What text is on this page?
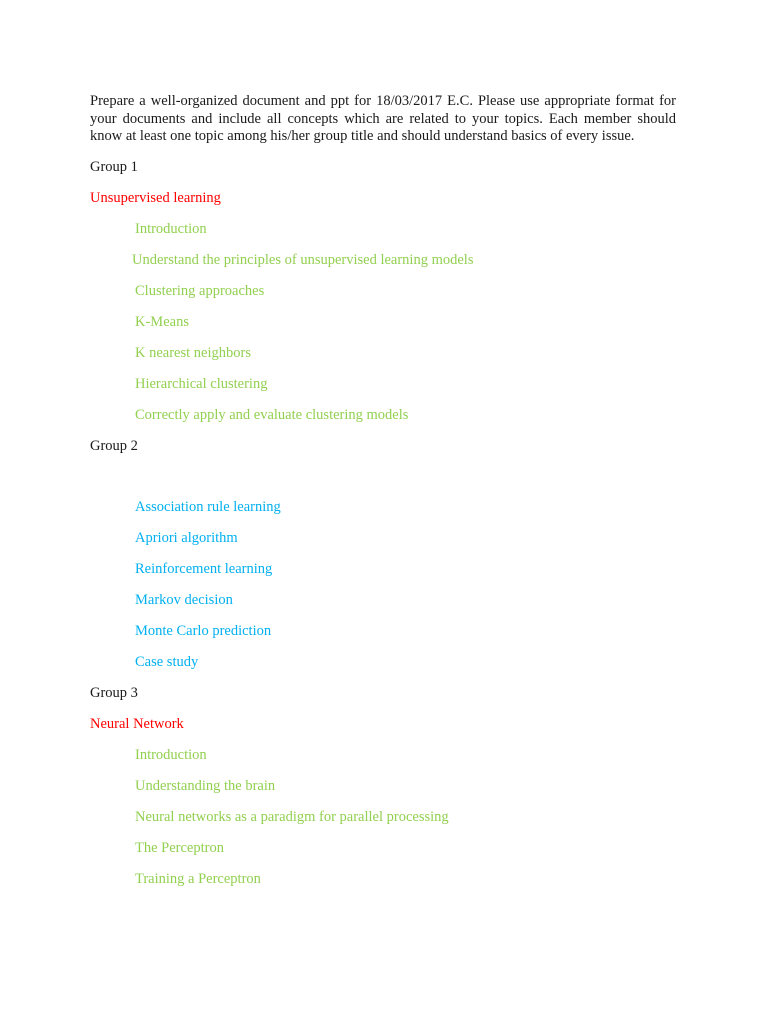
Prepare a well-organized document and ppt for 18/03/2017 E.C. Please use appropriate format for your documents and include all concepts which are related to your topics. Each member should know at least one topic among his/her group title and should understand basics of every issue.

Group 1
Unsupervised learning
Introduction
Understand the principles of unsupervised learning models
Clustering approaches
K-Means
K nearest neighbors
Hierarchical clustering
Correctly apply and evaluate clustering models
Group 2
Association rule learning
Apriori algorithm
Reinforcement learning
Markov decision
Monte Carlo prediction
Case study
Group 3
Neural Network
Introduction
Understanding the brain
Neural networks as a paradigm for parallel processing
The Perceptron
Training a Perceptron
